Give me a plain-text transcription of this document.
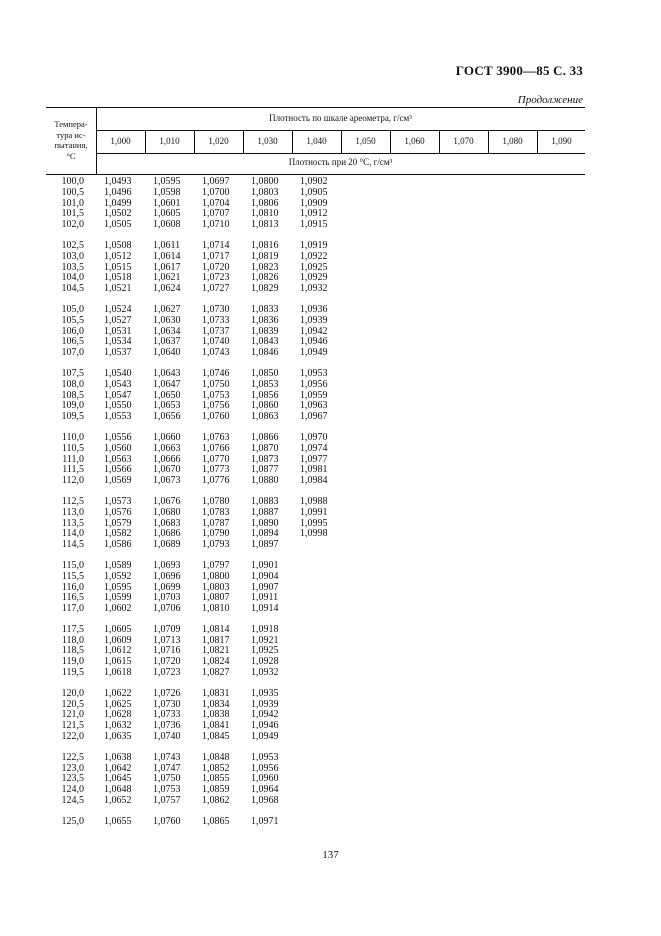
ГОСТ 3900—85 С. 33
Продолжение
Темпера-
тура ис-
пытания,
°С
Плотность по шкале ареометра, г/см³
Плотность при 20 °С, г/см³
1,000	1,010	1,020	1,030	1,040	1,050	1,060	1,070	1,080	1,090
100,0	1,0493	1,0595	1,0697	1,0800	1,0902
100,5	1,0496	1,0598	1,0700	1,0803	1,0905
101,0	1,0499	1,0601	1,0704	1,0806	1,0909
101,5	1,0502	1,0605	1,0707	1,0810	1,0912
102,0	1,0505	1,0608	1,0710	1,0813	1,0915
102,5	1,0508	1,0611	1,0714	1,0816	1,0919
103,0	1,0512	1,0614	1,0717	1,0819	1,0922
103,5	1,0515	1,0617	1,0720	1,0823	1,0925
104,0	1,0518	1,0621	1,0723	1,0826	1,0929
104,5	1,0521	1,0624	1,0727	1,0829	1,0932
105,0	1,0524	1,0627	1,0730	1,0833	1,0936
105,5	1,0527	1,0630	1,0733	1,0836	1,0939
106,0	1,0531	1,0634	1,0737	1,0839	1,0942
106,5	1,0534	1,0637	1,0740	1,0843	1,0946
107,0	1,0537	1,0640	1,0743	1,0846	1,0949
107,5	1,0540	1,0643	1,0746	1,0850	1,0953
108,0	1,0543	1,0647	1,0750	1,0853	1,0956
108,5	1,0547	1,0650	1,0753	1,0856	1,0959
109,0	1,0550	1,0653	1,0756	1,0860	1,0963
109,5	1,0553	1,0656	1,0760	1,0863	1,0967
110,0	1,0556	1,0660	1,0763	1,0866	1,0970
110,5	1,0560	1,0663	1,0766	1,0870	1,0974
111,0	1,0563	1,0666	1,0770	1,0873	1,0977
111,5	1,0566	1,0670	1,0773	1,0877	1,0981
112,0	1,0569	1,0673	1,0776	1,0880	1,0984
112,5	1,0573	1,0676	1,0780	1,0883	1,0988
113,0	1,0576	1,0680	1,0783	1,0887	1,0991
113,5	1,0579	1,0683	1,0787	1,0890	1,0995
114,0	1,0582	1,0686	1,0790	1,0894	1,0998
114,5	1,0586	1,0689	1,0793	1,0897
115,0	1,0589	1,0693	1,0797	1,0901
115,5	1,0592	1,0696	1,0800	1,0904
116,0	1,0595	1,0699	1,0803	1,0907
116,5	1,0599	1,0703	1,0807	1,0911
117,0	1,0602	1,0706	1,0810	1,0914
117,5	1,0605	1,0709	1,0814	1,0918
118,0	1,0609	1,0713	1,0817	1,0921
118,5	1,0612	1,0716	1,0821	1,0925
119,0	1,0615	1,0720	1,0824	1,0928
119,5	1,0618	1,0723	1,0827	1,0932
120,0	1,0622	1,0726	1,0831	1,0935
120,5	1,0625	1,0730	1,0834	1,0939
121,0	1,0628	1,0733	1,0838	1,0942
121,5	1,0632	1,0736	1,0841	1,0946
122,0	1,0635	1,0740	1,0845	1,0949
122,5	1,0638	1,0743	1,0848	1,0953
123,0	1,0642	1,0747	1,0852	1,0956
123,5	1,0645	1,0750	1,0855	1,0960
124,0	1,0648	1,0753	1,0859	1,0964
124,5	1,0652	1,0757	1,0862	1,0968
125,0	1,0655	1,0760	1,0865	1,0971
137
